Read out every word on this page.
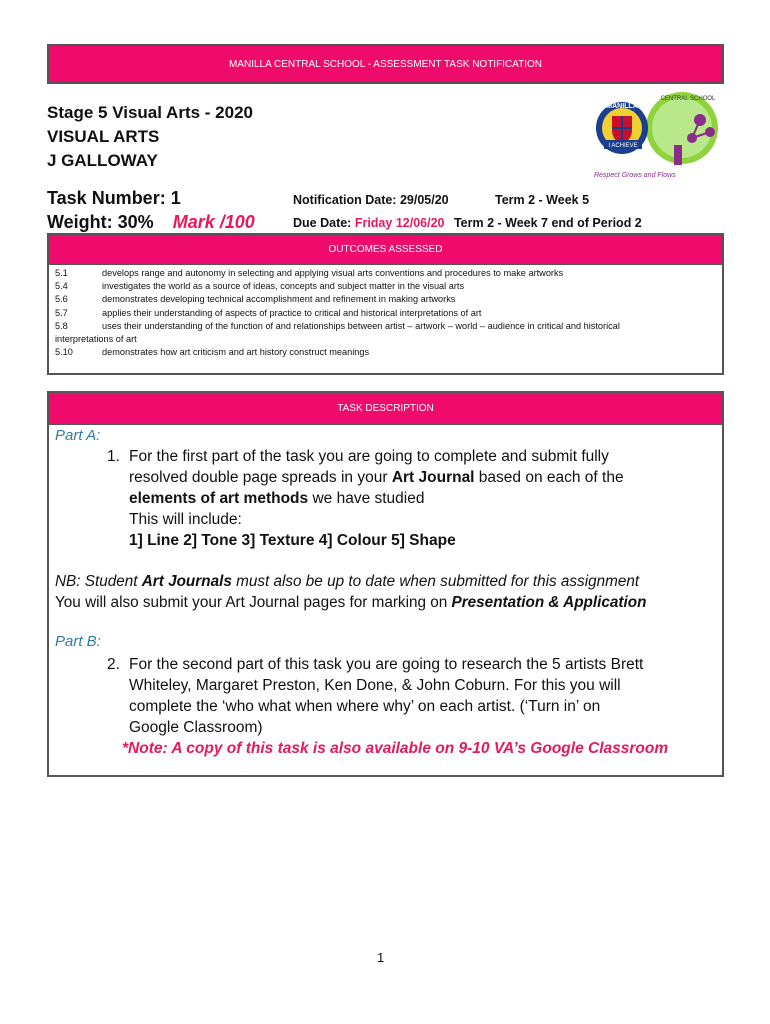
MANILLA CENTRAL SCHOOL - ASSESSMENT TASK NOTIFICATION
Stage 5 Visual Arts - 2020
VISUAL ARTS
J GALLOWAY
I ACHIEVE
MANILLA
CENTRAL SCHOOL
Respect Grows and Flows
Task Number: 1
Weight: 30% Mark /100
Notification Date: 29/05/20	Term 2 - Week 5
Due Date: Friday 12/06/20 Term 2 - Week 7 end of Period 2
OUTCOMES ASSESSED
5.1	develops range and autonomy in selecting and applying visual arts conventions and procedures to make artworks
5.4	investigates the world as a source of ideas, concepts and subject matter in the visual arts
5.6	demonstrates developing technical accomplishment and refinement in making artworks
5.7	applies their understanding of aspects of practice to critical and historical interpretations of art
5.8	uses their understanding of the function of and relationships between artist – artwork – world – audience in critical and historical
interpretations of art
5.10	demonstrates how art criticism and art history construct meanings
TASK DESCRIPTION
Part A:
1. For the first part of the task you are going to complete and submit fully
resolved double page spreads in your Art Journal based on each of the
elements of art methods we have studied
This will include:
1] Line 2] Tone 3] Texture 4] Colour 5] Shape
NB: Student Art Journals must also be up to date when submitted for this assignment
You will also submit your Art Journal pages for marking on Presentation & Application
Part B:
2. For the second part of this task you are going to research the 5 artists Brett
Whiteley, Margaret Preston, Ken Done, & John Coburn. For this you will
complete the ‘who what when where why’ on each artist. (‘Turn in’ on
Google Classroom)
*Note: A copy of this task is also available on 9-10 VA’s Google Classroom
1
